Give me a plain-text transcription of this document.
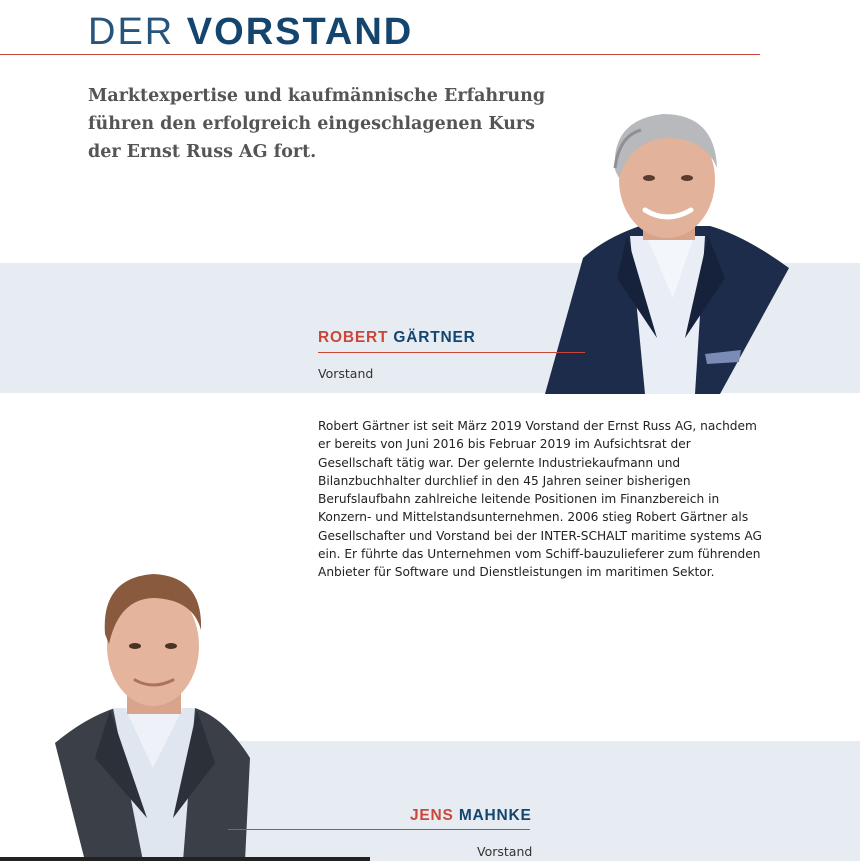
DER VORSTAND
Marktexpertise und kaufmännische Erfahrung führen den erfolgreich eingeschlagenen Kurs der Ernst Russ AG fort.
ROBERT GÄRTNER
Vorstand
Robert Gärtner ist seit März 2019 Vorstand der Ernst Russ AG, nachdem er bereits von Juni 2016 bis Februar 2019 im Aufsichtsrat der Gesellschaft tätig war. Der gelernte Industriekaufmann und Bilanzbuchhalter durchlief in den 45 Jahren seiner bisherigen Berufslaufbahn zahlreiche leitende Positionen im Finanzbereich in Konzern- und Mittelstandsunternehmen. 2006 stieg Robert Gärtner als Gesellschafter und Vorstand bei der INTER-SCHALT maritime systems AG ein. Er führte das Unternehmen vom Schiff-bauzulieferer zum führenden Anbieter für Software und Dienstleistungen im maritimen Sektor.
JENS MAHNKE
Vorstand
